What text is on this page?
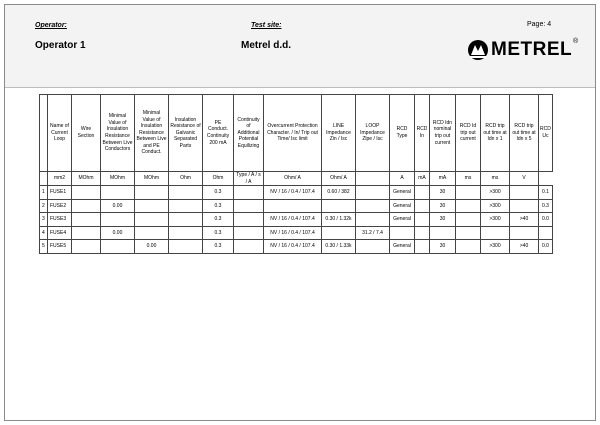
Operator:
Operator 1
Test site:
Metrel d.d.
Page: 4
METREL ®
	Name of Current Loop	Wire Section	Minimal Value of Insulation Resistance Between Live Conductors	Minimal Value of Insulation Resistance Between Live and PE Conduct.	Insulation Resistance of Galvanic Separated Parts	PE Conduct. Continuity 200 mA	Continuity of Additional Potential Equilizing	Overcurrent Protection Character. / In/ Trip out Time/ Isc limit	LINE Impedance Zin / Isc	LOOP Impedance Zlpe / Isc	RCD Type	RCD In	RCD Idn nominal trip out current	RCD Id trip out current	RCD trip out time at Idn x 1	RCD trip out time at Idn x 5	RCD Uc
	mm2	MOhm	MOhm	MOhm	Ohm	Ohm	Type / A / s / A	Ohm/ A	Ohm/ A		A	mA	mA	ms	ms	V	
1	FUSE1					0.3		NV / 16 / 0.4 / 107.4	0.60 / 382		General		30		>300		0.1
2	FUSE2		0.00			0.3					General		30		>300		0.3
3	FUSE3					0.3		NV / 16 / 0.4 / 107.4	0.30 / 1.32k		General		30		>300	>40	0.0
4	FUSE4		0.00			0.3		NV / 16 / 0.4 / 107.4		31.2 / 7.4							
5	FUSE5			0.00		0.3		NV / 16 / 0.4 / 107.4	0.30 / 1.33k		General		30		>300	>40	0.0
